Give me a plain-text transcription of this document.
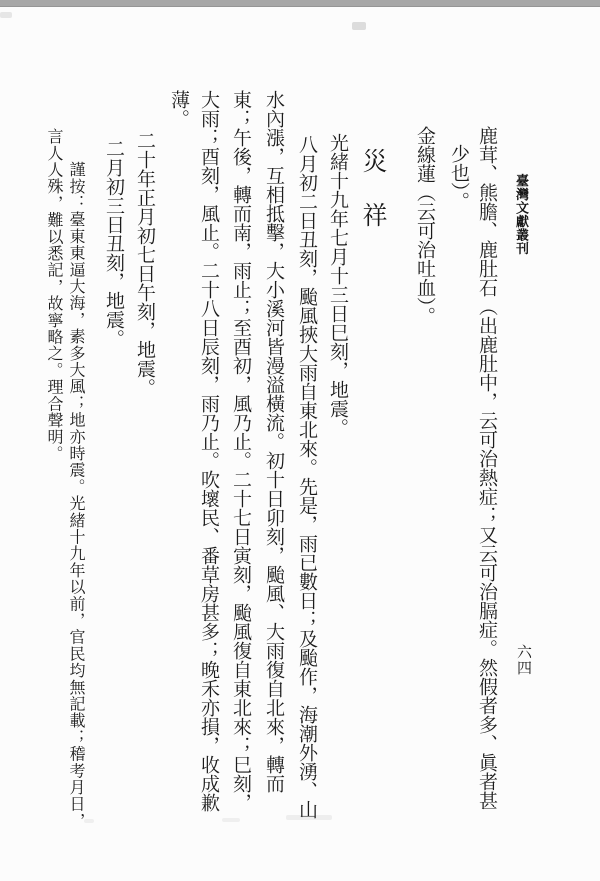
臺灣文獻叢刊
六四
鹿茸、熊膽、鹿肚石（出鹿肚中，云可治熱症；又云可治膈症。然假者多、眞者甚
少也）。
金線蓮（云可治吐血）。
災　祥
光緒十九年七月十三日巳刻，地震。
八月初二日丑刻，颱風挾大雨自東北來。先是，雨已數日；及颱作，海潮外湧、山
水內漲，互相抵擊，大小溪河皆漫溢橫流。初十日卯刻，颱風、大雨復自北來，轉而
東；午後，轉而南，雨止；至酉初，風乃止。二十七日寅刻，颱風復自東北來；巳刻，
大雨；酉刻，風止。二十八日辰刻，雨乃止。吹壞民、番草房甚多；晚禾亦損，收成歉
薄。
二十年正月初七日午刻，地震。
二月初三日丑刻，地震。
謹按：臺東東逼大海，素多大風；地亦時震。光緒十九年以前，官民均無記載；稽考月日，
言人人殊，難以悉記，故寧略之。理合聲明。
